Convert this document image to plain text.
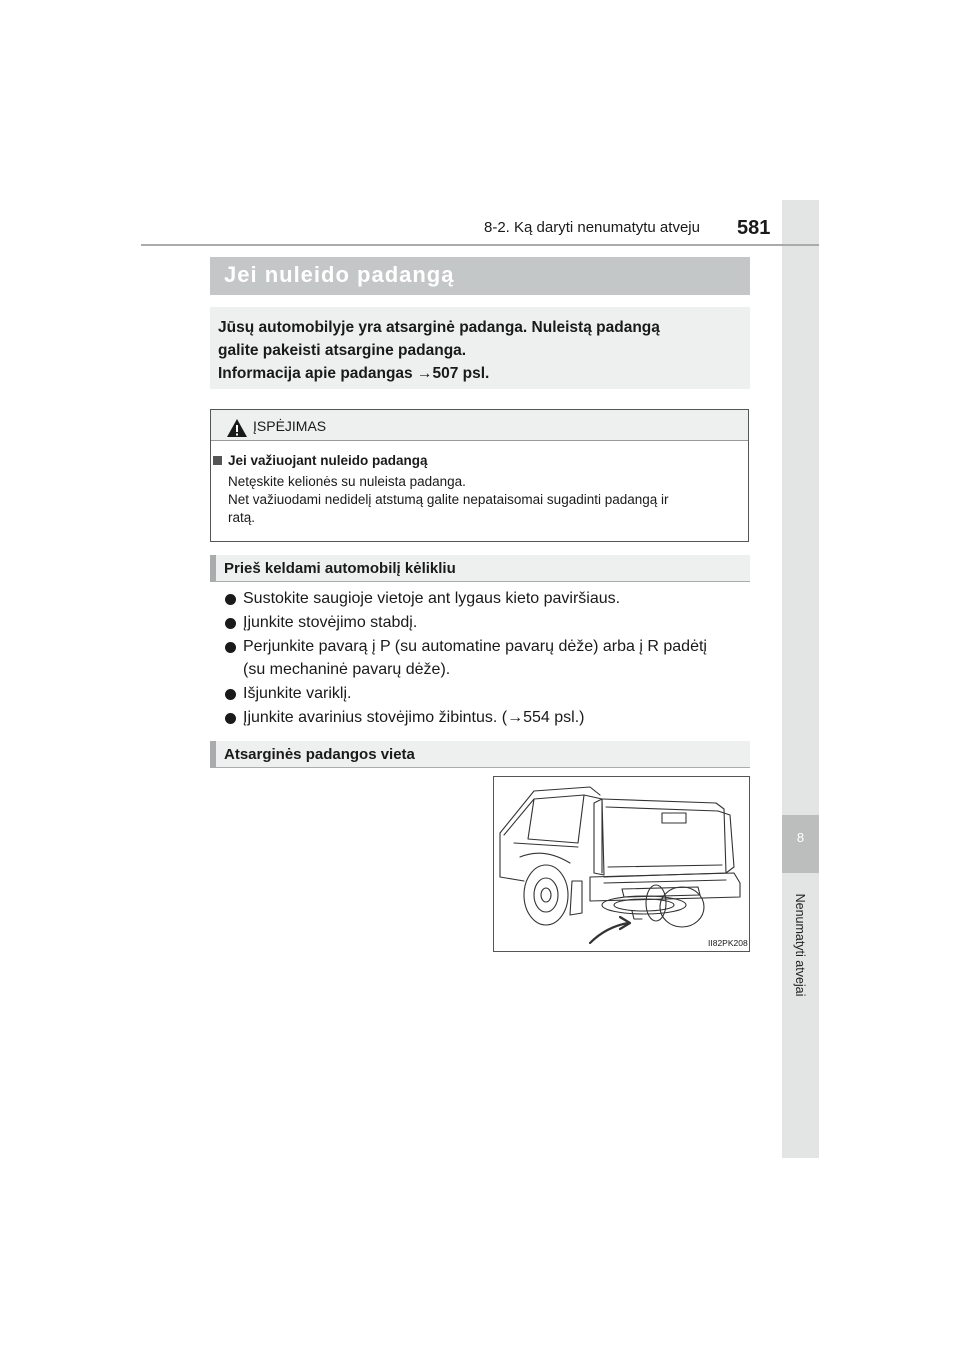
8
Nenumatyti atvejai
8-2. Ką daryti nenumatytu atveju 581
Jei nuleido padangą
Jūsų automobilyje yra atsarginė padanga. Nuleistą padangą
galite pakeisti atsargine padanga.
Informacija apie padangas →507 psl.
ĮSPĖJIMAS
Jei važiuojant nuleido padangą
Netęskite kelionės su nuleista padanga.
Net važiuodami nedidelį atstumą galite nepataisomai sugadinti padangą ir
ratą.
Prieš keldami automobilį kėlikliu
Sustokite saugioje vietoje ant lygaus kieto paviršiaus.
Įjunkite stovėjimo stabdį.
Perjunkite pavarą į P (su automatine pavarų dėže) arba į R padėtį
(su mechaninė pavarų dėže).
Išjunkite variklį.
Įjunkite avarinius stovėjimo žibintus. (→554 psl.)
Atsarginės padangos vieta
II82PK208
